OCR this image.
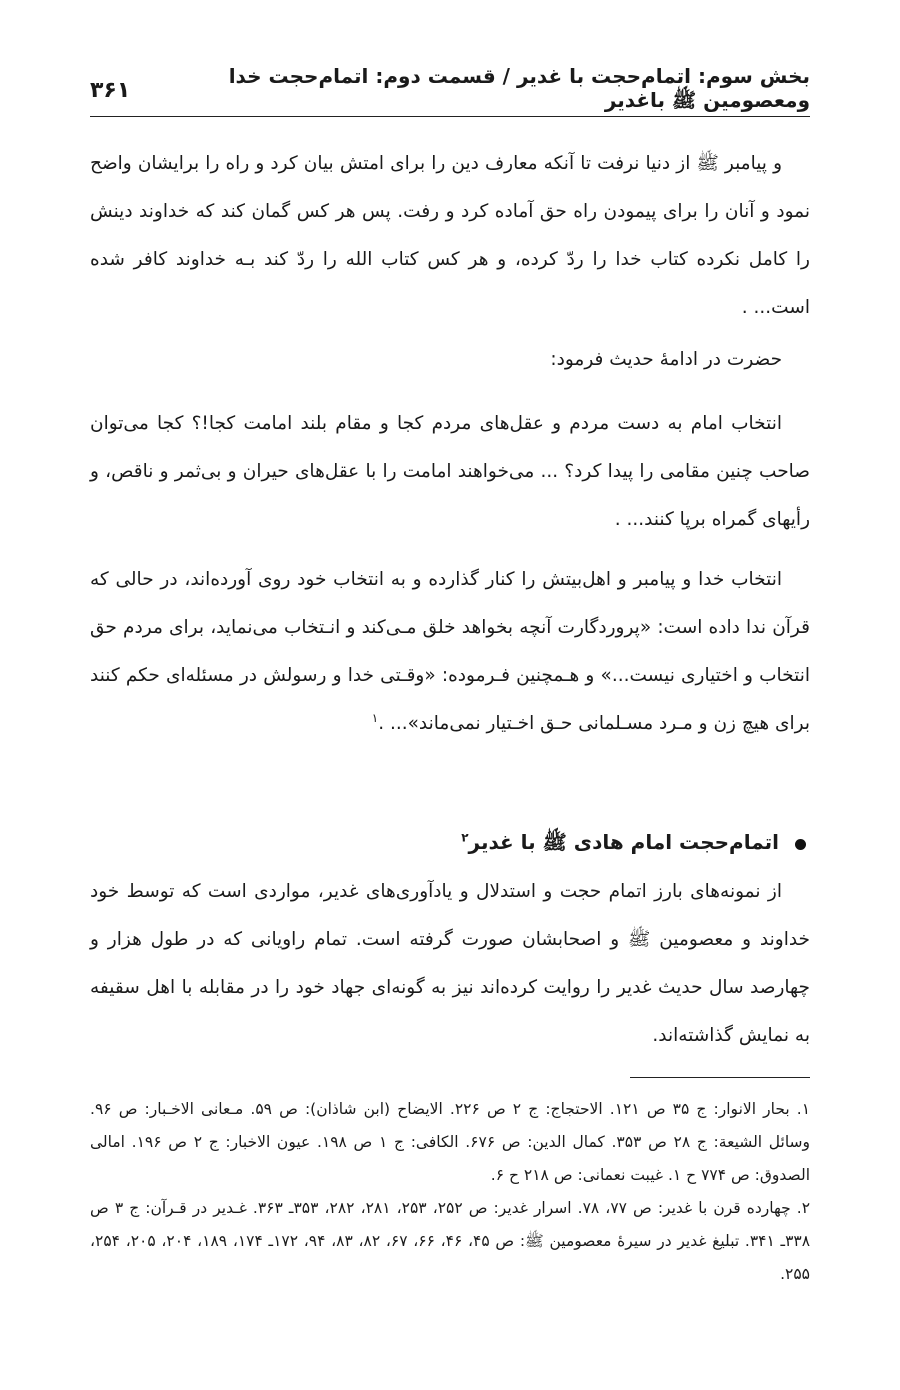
بخش سوم: اتمام‌حجت با غدیر / قسمت دوم: اتمام‌حجت خدا ومعصومین ﷺ باغدیر
۳۶۱

و پیامبر ﷺ از دنیا نرفت تا آنکه معارف دین را برای امتش بیان کرد و راه را برایشان واضح نمود و آنان را برای پیمودن راه حق آماده کرد و رفت. پس هر کس گمان کند که خداوند دینش را کامل نکرده کتاب خدا را ردّ کرده، و هر کس کتاب الله را ردّ کند بـه خداوند کافر شده است... .

حضرت در ادامهٔ حدیث فرمود:

انتخاب امام به دست مردم و عقل‌های مردم کجا و مقام بلند امامت کجا!؟ کجا می‌توان صاحب چنین مقامی را پیدا کرد؟ ... می‌خواهند امامت را با عقل‌های حیران و بی‌ثمر و ناقص، و رأیهای گمراه برپا کنند... .

انتخاب خدا و پیامبر و اهل‌بیتش را کنار گذارده و به انتخاب خود روی آورده‌اند، در حالی که قرآن ندا داده است: «پروردگارت آنچه بخواهد خلق مـی‌کند و انـتخاب می‌نماید، برای مردم حق انتخاب و اختیاری نیست...» و هـمچنین فـرموده: «وقـتی خدا و رسولش در مسئله‌ای حکم کنند برای هیچ زن و مـرد مسـلمانی حـق اخـتیار نمی‌ماند»... .$^۱$

اتمام‌حجت امام هادی ﷺ با غدیر$^۲$

از نمونه‌های بارز اتمام حجت و استدلال و یادآوری‌های غدیر، مواردی است که توسط خود خداوند و معصومین ﷺ و اصحابشان صورت گرفته است. تمام راویانی که در طول هزار و چهارصد سال حدیث غدیر را روایت کرده‌اند نیز به گونه‌ای جهاد خود را در مقابله با اهل سقیفه به نمایش گذاشته‌اند.

۱. بحار الانوار: ج ۳۵ ص ۱۲۱. الاحتجاج: ج ۲ ص ۲۲۶. الایضاح (ابن شاذان): ص ۵۹. مـعانی الاخـبار: ص ۹۶. وسائل الشیعة: ج ۲۸ ص ۳۵۳. کمال الدین: ص ۶۷۶. الکافی: ج ۱ ص ۱۹۸. عیون الاخبار: ج ۲ ص ۱۹۶. امالی الصدوق: ص ۷۷۴ ح ۱. غیبت نعمانی: ص ۲۱۸ ح ۶.

۲. چهارده قرن با غدیر: ص ۷۷، ۷۸. اسرار غدیر: ص ۲۵۲، ۲۵۳، ۲۸۱، ۲۸۲، ۳۵۳ـ ۳۶۳. غـدیر در قـرآن: ج ۳ ص ۳۳۸ـ ۳۴۱. تبلیغ غدیر در سیرهٔ معصومین ﷺ: ص ۴۵، ۴۶، ۶۶، ۶۷، ۸۲، ۸۳، ۹۴، ۱۷۲ـ ۱۷۴، ۱۸۹، ۲۰۴، ۲۰۵، ۲۵۴، ۲۵۵.
